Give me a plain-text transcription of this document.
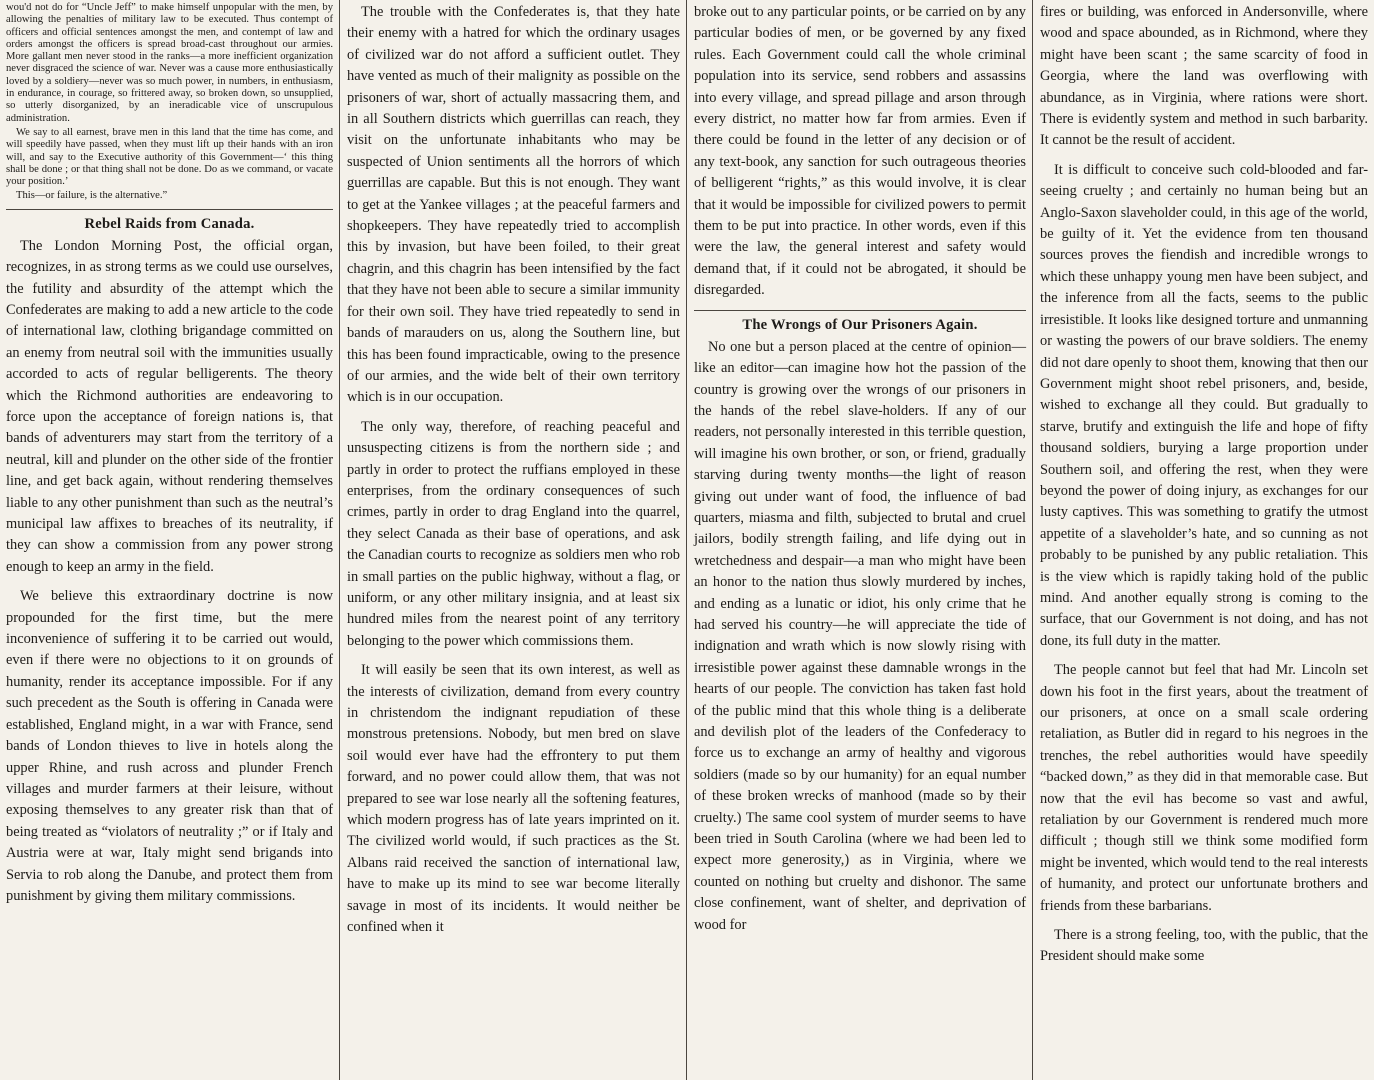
wou'd not do for “Uncle Jeff” to make himself unpopular with the men, by allowing the penalties of military law to be executed. Thus contempt of officers and official sentences amongst the men, and contempt of law and orders amongst the officers is spread broad-cast throughout our armies. More gallant men never stood in the ranks—a more inefficient organization never disgraced the science of war. Never was a cause more enthusiastically loved by a soldiery—never was so much power, in numbers, in enthusiasm, in endurance, in courage, so frittered away, so broken down, so unsupplied, so utterly disorganized, by an ineradicable vice of unscrupulous administration.

We say to all earnest, brave men in this land that the time has come, and will speedily have passed, when they must lift up their hands with an iron will, and say to the Executive authority of this Government—‘ this thing shall be done ; or that thing shall not be done. Do as we command, or vacate your position.’

This—or failure, is the alternative.”

Rebel Raids from Canada.

The London Morning Post, the official organ, recognizes, in as strong terms as we could use ourselves, the futility and absurdity of the attempt which the Confederates are making to add a new article to the code of international law, clothing brigandage committed on an enemy from neutral soil with the immunities usually accorded to acts of regular belligerents. The theory which the Richmond authorities are endeavoring to force upon the acceptance of foreign nations is, that bands of adventurers may start from the territory of a neutral, kill and plunder on the other side of the frontier line, and get back again, without rendering themselves liable to any other punishment than such as the neutral’s municipal law affixes to breaches of its neutrality, if they can show a commission from any power strong enough to keep an army in the field.

We believe this extraordinary doctrine is now propounded for the first time, but the mere inconvenience of suffering it to be carried out would, even if there were no objections to it on grounds of humanity, render its acceptance impossible. For if any such precedent as the South is offering in Canada were established, England might, in a war with France, send bands of London thieves to live in hotels along the upper Rhine, and rush across and plunder French villages and murder farmers at their leisure, without exposing themselves to any greater risk than that of being treated as “violators of neutrality ;” or if Italy and Austria were at war, Italy might send brigands into Servia to rob along the Danube, and protect them from punishment by giving them military commissions.

The trouble with the Confederates is, that they hate their enemy with a hatred for which the ordinary usages of civilized war do not afford a sufficient outlet. They have vented as much of their malignity as possible on the prisoners of war, short of actually massacring them, and in all Southern districts which guerrillas can reach, they visit on the unfortunate inhabitants who may be suspected of Union sentiments all the horrors of which guerrillas are capable. But this is not enough. They want to get at the Yankee villages ; at the peaceful farmers and shopkeepers. They have repeatedly tried to accomplish this by invasion, but have been foiled, to their great chagrin, and this chagrin has been intensified by the fact that they have not been able to secure a similar immunity for their own soil. They have tried repeatedly to send in bands of marauders on us, along the Southern line, but this has been found impracticable, owing to the presence of our armies, and the wide belt of their own territory which is in our occupation.

The only way, therefore, of reaching peaceful and unsuspecting citizens is from the northern side ; and partly in order to protect the ruffians employed in these enterprises, from the ordinary consequences of such crimes, partly in order to drag England into the quarrel, they select Canada as their base of operations, and ask the Canadian courts to recognize as soldiers men who rob in small parties on the public highway, without a flag, or uniform, or any other military insignia, and at least six hundred miles from the nearest point of any territory belonging to the power which commissions them.

It will easily be seen that its own interest, as well as the interests of civilization, demand from every country in christendom the indignant repudiation of these monstrous pretensions. Nobody, but men bred on slave soil would ever have had the effrontery to put them forward, and no power could allow them, that was not prepared to see war lose nearly all the softening features, which modern progress has of late years imprinted on it. The civilized world would, if such practices as the St. Albans raid received the sanction of international law, have to make up its mind to see war become literally savage in most of its incidents. It would neither be confined when it

broke out to any particular points, or be carried on by any particular bodies of men, or be governed by any fixed rules. Each Government could call the whole criminal population into its service, send robbers and assassins into every village, and spread pillage and arson through every district, no matter how far from armies. Even if there could be found in the letter of any decision or of any text-book, any sanction for such outrageous theories of belligerent “rights,” as this would involve, it is clear that it would be impossible for civilized powers to permit them to be put into practice. In other words, even if this were the law, the general interest and safety would demand that, if it could not be abrogated, it should be disregarded.

The Wrongs of Our Prisoners Again.

No one but a person placed at the centre of opinion—like an editor—can imagine how hot the passion of the country is growing over the wrongs of our prisoners in the hands of the rebel slave-holders. If any of our readers, not personally interested in this terrible question, will imagine his own brother, or son, or friend, gradually starving during twenty months—the light of reason giving out under want of food, the influence of bad quarters, miasma and filth, subjected to brutal and cruel jailors, bodily strength failing, and life dying out in wretchedness and despair—a man who might have been an honor to the nation thus slowly murdered by inches, and ending as a lunatic or idiot, his only crime that he had served his country—he will appreciate the tide of indignation and wrath which is now slowly rising with irresistible power against these damnable wrongs in the hearts of our people. The conviction has taken fast hold of the public mind that this whole thing is a deliberate and devilish plot of the leaders of the Confederacy to force us to exchange an army of healthy and vigorous soldiers (made so by our humanity) for an equal number of these broken wrecks of manhood (made so by their cruelty.) The same cool system of murder seems to have been tried in South Carolina (where we had been led to expect more generosity,) as in Virginia, where we counted on nothing but cruelty and dishonor. The same close confinement, want of shelter, and deprivation of wood for

fires or building, was enforced in Andersonville, where wood and space abounded, as in Richmond, where they might have been scant ; the same scarcity of food in Georgia, where the land was overflowing with abundance, as in Virginia, where rations were short. There is evidently system and method in such barbarity. It cannot be the result of accident.

It is difficult to conceive such cold-blooded and far-seeing cruelty ; and certainly no human being but an Anglo-Saxon slaveholder could, in this age of the world, be guilty of it. Yet the evidence from ten thousand sources proves the fiendish and incredible wrongs to which these unhappy young men have been subject, and the inference from all the facts, seems to the public irresistible. It looks like designed torture and unmanning or wasting the powers of our brave soldiers. The enemy did not dare openly to shoot them, knowing that then our Government might shoot rebel prisoners, and, beside, wished to exchange all they could. But gradually to starve, brutify and extinguish the life and hope of fifty thousand soldiers, burying a large proportion under Southern soil, and offering the rest, when they were beyond the power of doing injury, as exchanges for our lusty captives. This was something to gratify the utmost appetite of a slaveholder’s hate, and so cunning as not probably to be punished by any public retaliation. This is the view which is rapidly taking hold of the public mind. And another equally strong is coming to the surface, that our Government is not doing, and has not done, its full duty in the matter.

The people cannot but feel that had Mr. Lincoln set down his foot in the first years, about the treatment of our prisoners, at once on a small scale ordering retaliation, as Butler did in regard to his negroes in the trenches, the rebel authorities would have speedily “backed down,” as they did in that memorable case. But now that the evil has become so vast and awful, retaliation by our Government is rendered much more difficult ; though still we think some modified form might be invented, which would tend to the real interests of humanity, and protect our unfortunate brothers and friends from these barbarians.

There is a strong feeling, too, with the public, that the President should make some
